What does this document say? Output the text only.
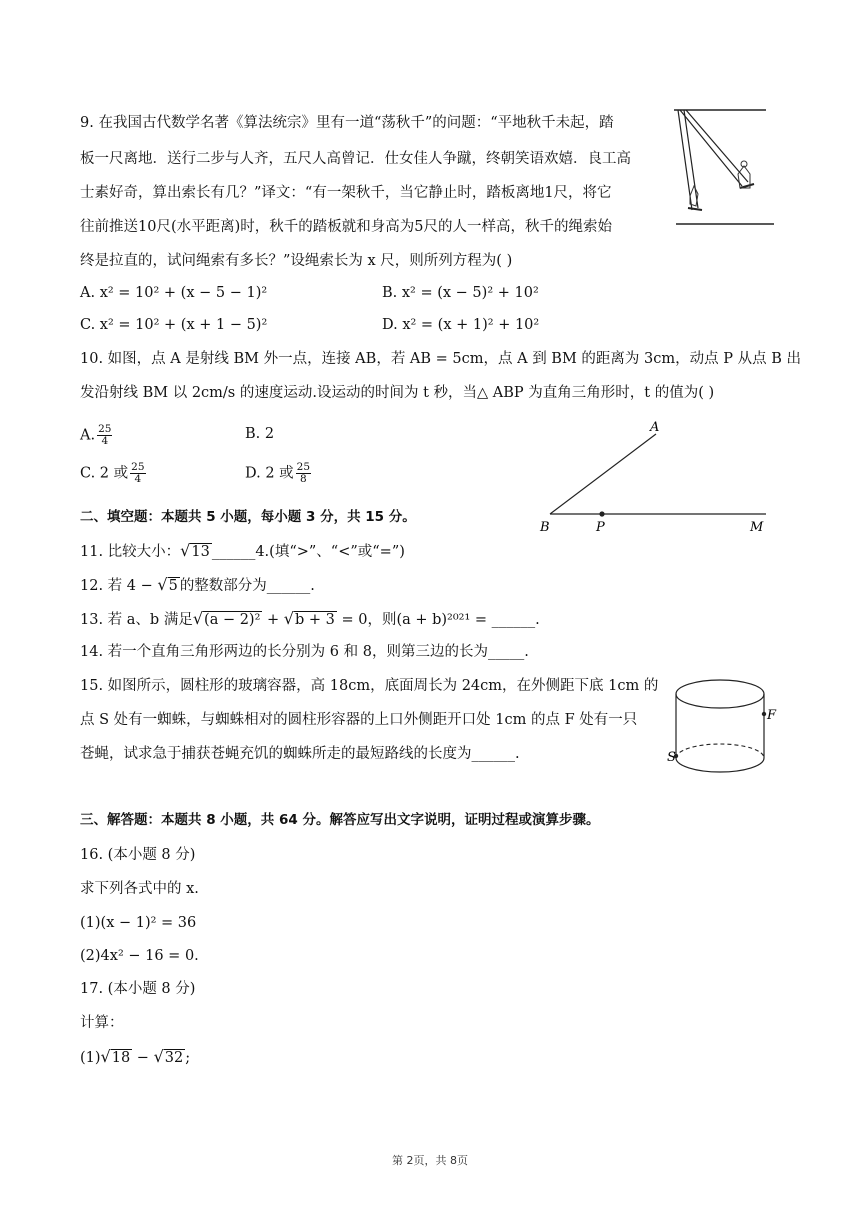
9. 在我国古代数学名著《算法统宗》里有一道“荡秋千”的问题：“平地秋千未起，踏
板一尺离地．送行二步与人齐，五尺人高曾记．仕女佳人争蹴，终朝笑语欢嬉．良工高
士素好奇，算出索长有几？”译文：“有一架秋千，当它静止时，踏板离地1尺，将它
往前推送10尺(水平距离)时，秋千的踏板就和身高为5尺的人一样高，秋千的绳索始
终是拉直的，试问绳索有多长？”设绳索长为 x 尺，则所列方程为( )
A. x² = 10² + (x − 5 − 1)²	B. x² = (x − 5)² + 10²
C. x² = 10² + (x + 1 − 5)²	D. x² = (x + 1)² + 10²
10. 如图，点 A 是射线 BM 外一点，连接 AB，若 AB = 5cm，点 A 到 BM 的距离为 3cm，动点 P 从点 B 出
发沿射线 BM 以 2cm/s 的速度运动.设运动的时间为 t 秒，当△ ABP 为直角三角形时，t 的值为( )
A. $\frac{25}{4}$	B. 2
C. 2 或 $\frac{25}{4}$	D. 2 或 $\frac{25}{8}$
A
B	P	M
二、填空题：本题共 5 小题，每小题 3 分，共 15 分。
11. 比较大小：√13 ______4.(填“>”、“<”或“=”)
12. 若 4 − √5 的整数部分为______.
13. 若 a、b 满足√(a − 2)² + √b + 3 = 0，则(a + b)²⁰²¹ = ______.
14. 若一个直角三角形两边的长分别为 6 和 8，则第三边的长为_____.
15. 如图所示，圆柱形的玻璃容器，高 18cm，底面周长为 24cm，在外侧距下底 1cm 的
点 S 处有一蜘蛛，与蜘蛛相对的圆柱形容器的上口外侧距开口处 1cm 的点 F 处有一只
苍蝇，试求急于捕获苍蝇充饥的蜘蛛所走的最短路线的长度为______.
F
S
三、解答题：本题共 8 小题，共 64 分。解答应写出文字说明，证明过程或演算步骤。
16. (本小题 8 分)
求下列各式中的 x.
(1)(x − 1)² = 36
(2)4x² − 16 = 0.
17. (本小题 8 分)
计算：
(1)√18 − √32 ;
第 2页，共 8页
